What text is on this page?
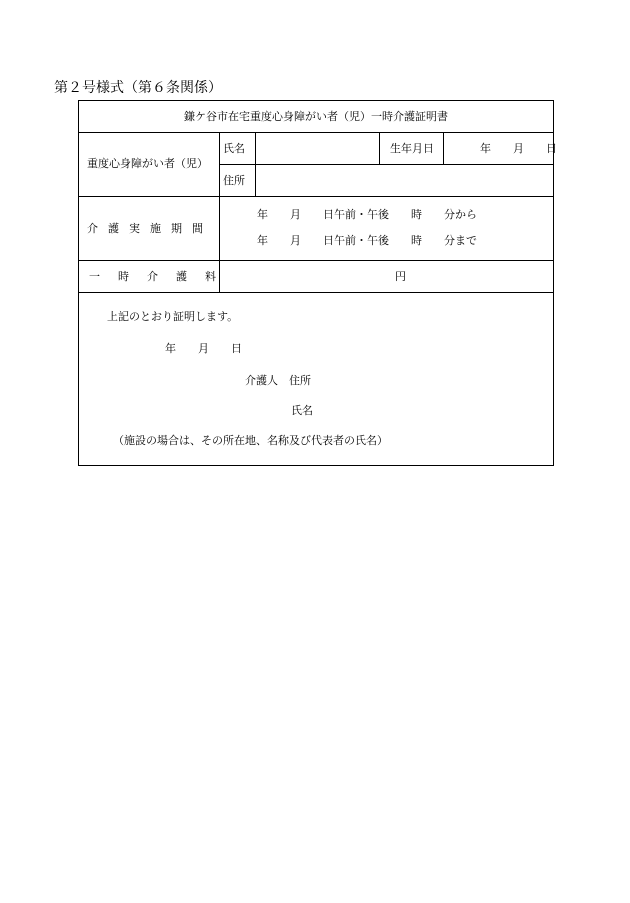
第２号様式（第６条関係）
鎌ケ谷市在宅重度心身障がい者（児）一時介護証明書
重度心身障がい者（児）
氏名	生年月日	年　　月　　日
住所
介護実施期間
年　　月　　日午前・午後　　時　　分から
年　　月　　日午前・午後　　時　　分まで
一時介護料	円
上記のとおり証明します。
年　　月　　日
介護人 住所
氏名
（施設の場合は、その所在地、名称及び代表者の氏名）
